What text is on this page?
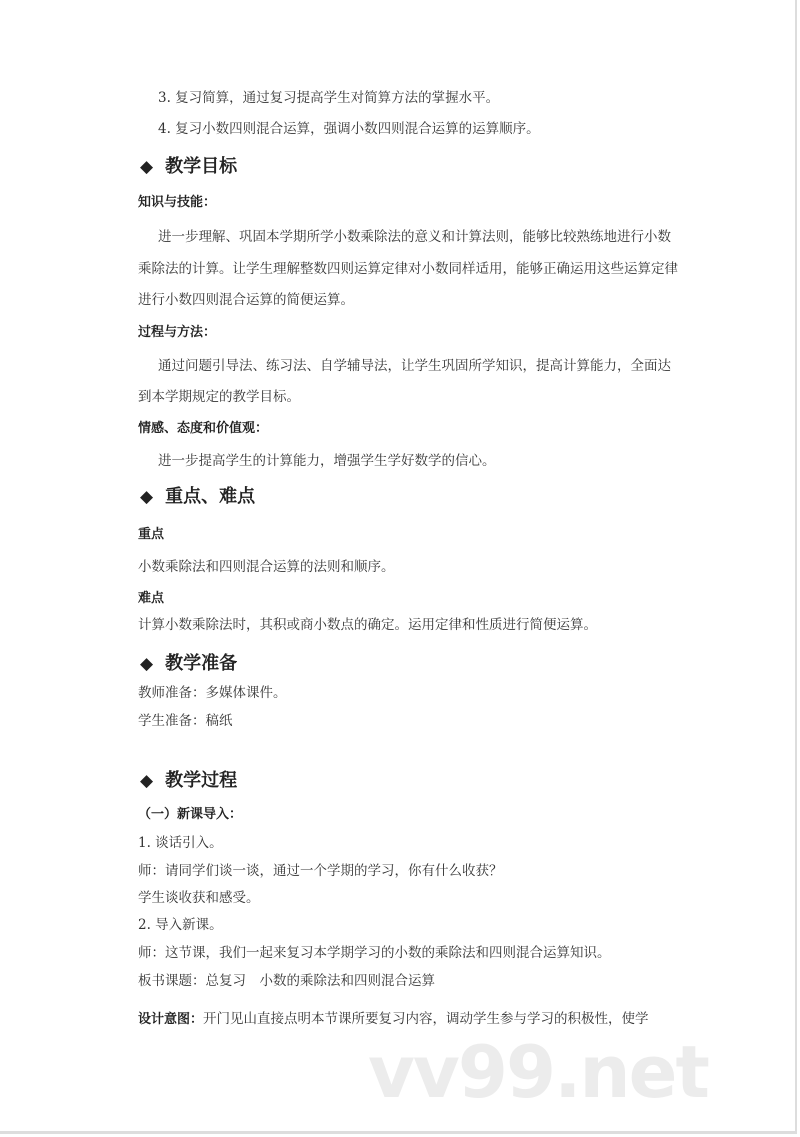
vv99.net
3. 复习简算，通过复习提高学生对简算方法的掌握水平。
4. 复习小数四则混合运算，强调小数四则混合运算的运算顺序。
◆ 教学目标
知识与技能：
进一步理解、巩固本学期所学小数乘除法的意义和计算法则，能够比较熟练地进行小数
乘除法的计算。让学生理解整数四则运算定律对小数同样适用，能够正确运用这些运算定律
进行小数四则混合运算的简便运算。
过程与方法：
通过问题引导法、练习法、自学辅导法，让学生巩固所学知识，提高计算能力，全面达
到本学期规定的教学目标。
情感、态度和价值观：
进一步提高学生的计算能力，增强学生学好数学的信心。
◆ 重点、难点
重点
小数乘除法和四则混合运算的法则和顺序。
难点
计算小数乘除法时，其积或商小数点的确定。运用定律和性质进行简便运算。
◆ 教学准备
教师准备：多媒体课件。
学生准备：稿纸
◆ 教学过程
（一）新课导入：
1. 谈话引入。
师：请同学们谈一谈，通过一个学期的学习，你有什么收获？
学生谈收获和感受。
2. 导入新课。
师：这节课，我们一起来复习本学期学习的小数的乘除法和四则混合运算知识。
板书课题：总复习　小数的乘除法和四则混合运算
设计意图：开门见山直接点明本节课所要复习内容，调动学生参与学习的积极性，使学
